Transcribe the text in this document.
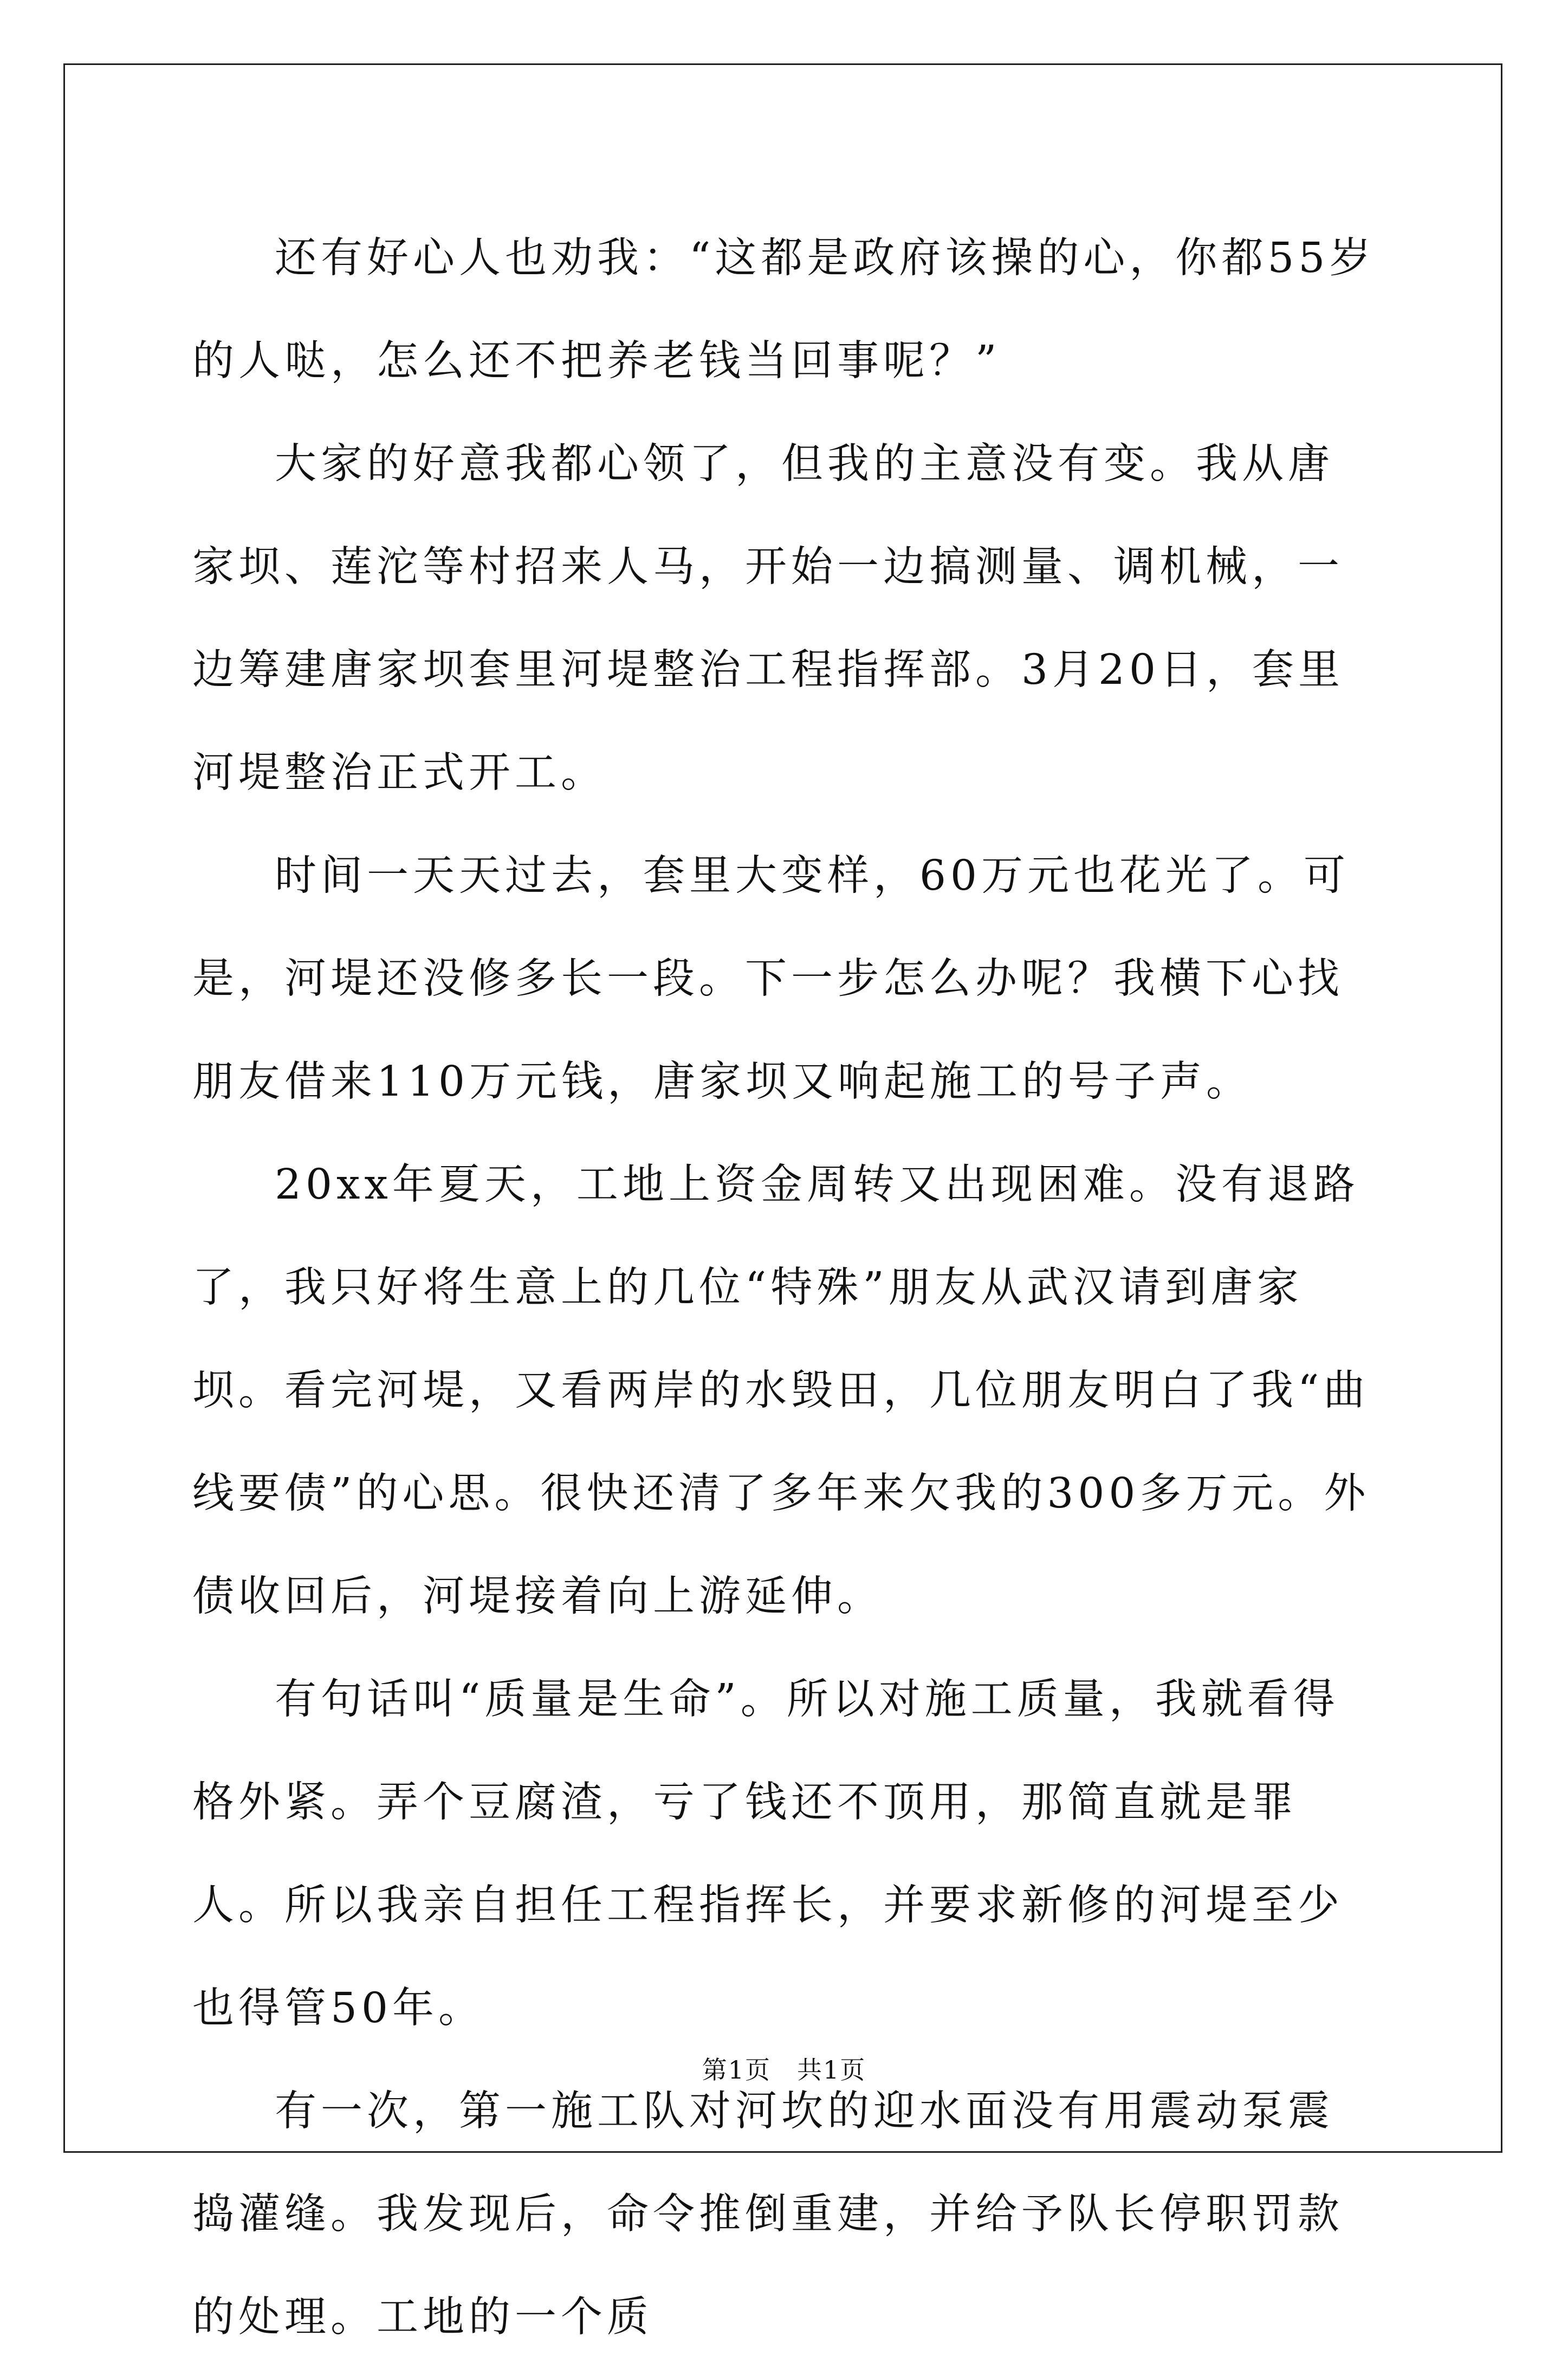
还有好心人也劝我：“这都是政府该操的心，你都55岁的人哒，怎么还不把养老钱当回事呢？”

大家的好意我都心领了，但我的主意没有变。我从唐家坝、莲沱等村招来人马，开始一边搞测量、调机械，一边筹建唐家坝套里河堤整治工程指挥部。3月20日，套里河堤整治正式开工。

时间一天天过去，套里大变样，60万元也花光了。可是，河堤还没修多长一段。下一步怎么办呢？我横下心找朋友借来110万元钱，唐家坝又响起施工的号子声。

20xx年夏天，工地上资金周转又出现困难。没有退路了，我只好将生意上的几位“特殊”朋友从武汉请到唐家坝。看完河堤，又看两岸的水毁田，几位朋友明白了我“曲线要债”的心思。很快还清了多年来欠我的300多万元。外债收回后，河堤接着向上游延伸。

有句话叫“质量是生命”。所以对施工质量，我就看得格外紧。弄个豆腐渣，亏了钱还不顶用，那简直就是罪人。所以我亲自担任工程指挥长，并要求新修的河堤至少也得管50年。

有一次，第一施工队对河坎的迎水面没有用震动泵震捣灌缝。我发现后，命令推倒重建，并给予队长停职罚款的处理。工地的一个质

第1页 共1页
